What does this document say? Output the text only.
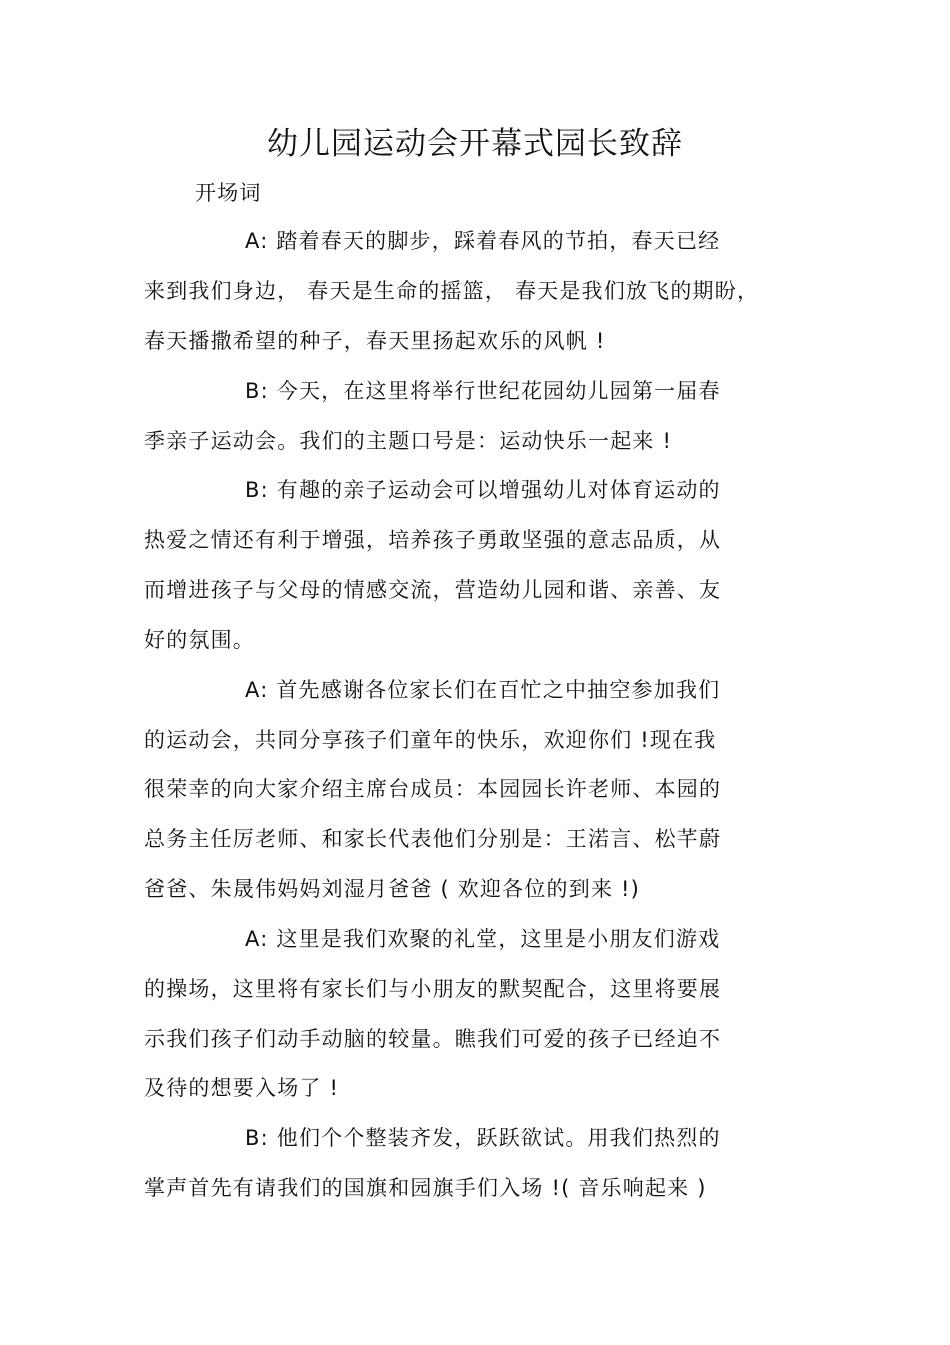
幼儿园运动会开幕式园长致辞
开场词
A: 踏着春天的脚步，踩着春风的节拍，春天已经
来到我们身边， 春天是生命的摇篮， 春天是我们放飞的期盼，
春天播撒希望的种子，春天里扬起欢乐的风帆 !
B: 今天，在这里将举行世纪花园幼儿园第一届春
季亲子运动会。我们的主题口号是：运动快乐一起来 !
B: 有趣的亲子运动会可以增强幼儿对体育运动的
热爱之情还有利于增强，培养孩子勇敢坚强的意志品质，从
而增进孩子与父母的情感交流，营造幼儿园和谐、亲善、友
好的氛围。
A: 首先感谢各位家长们在百忙之中抽空参加我们
的运动会，共同分享孩子们童年的快乐，欢迎你们 !现在我
很荣幸的向大家介绍主席台成员：本园园长许老师、本园的
总务主任厉老师、和家长代表他们分别是：王渃言、松芊蔚
爸爸、朱晟伟妈妈刘湿月爸爸 ( 欢迎各位的到来 !)
A: 这里是我们欢聚的礼堂，这里是小朋友们游戏
的操场，这里将有家长们与小朋友的默契配合，这里将要展
示我们孩子们动手动脑的较量。瞧我们可爱的孩子已经迫不
及待的想要入场了 !
B: 他们个个整装齐发，跃跃欲试。用我们热烈的
掌声首先有请我们的国旗和园旗手们入场 !( 音乐响起来 )
